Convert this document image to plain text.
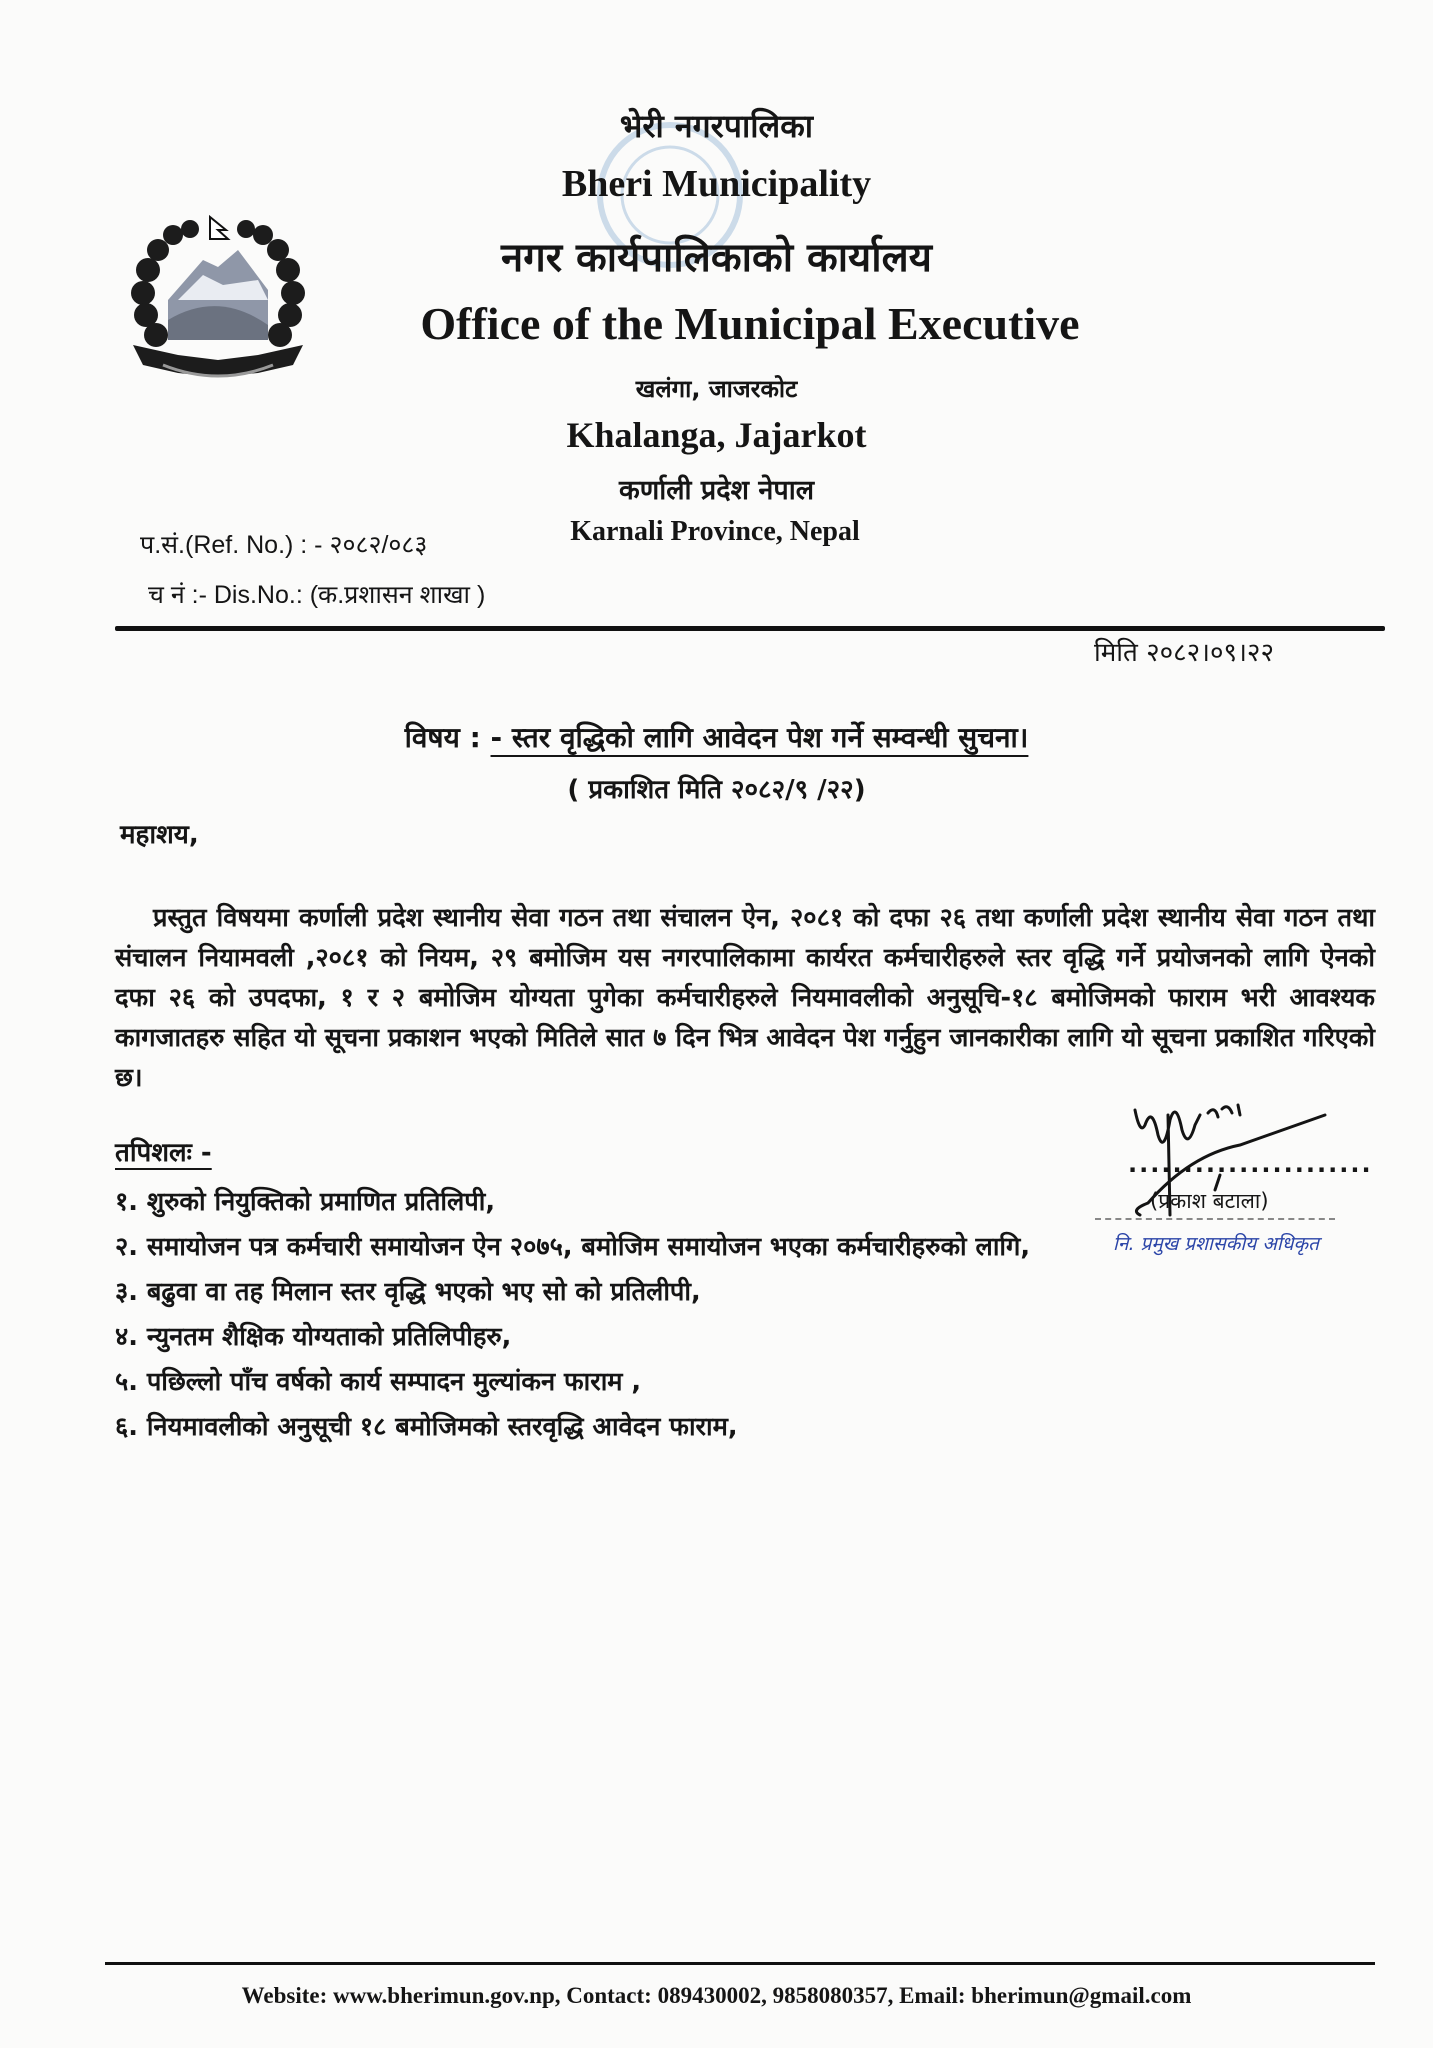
भेरी नगरपालिका
Bheri Municipality
नगर कार्यपालिकाको कार्यालय
Office of the Municipal Executive
खलंगा, जाजरकोट
Khalanga, Jajarkot
कर्णाली प्रदेश नेपाल
Karnali Province, Nepal
प.सं.(Ref. No.) : - २०८२/०८३
च नं :- Dis.No.: (क.प्रशासन शाखा )
मिति २०८२।०९।२२
विषय : - स्तर वृद्धिको लागि आवेदन पेश गर्ने सम्वन्धी सुचना।
( प्रकाशित मिति २०८२/९ /२२)
महाशय,
प्रस्तुत विषयमा कर्णाली प्रदेश स्थानीय सेवा गठन तथा संचालन ऐन, २०८१ को दफा २६ तथा कर्णाली प्रदेश स्थानीय सेवा गठन तथा संचालन नियामवली ,२०८१ को नियम, २९ बमोजिम यस नगरपालिकामा कार्यरत कर्मचारीहरुले स्तर वृद्धि गर्ने प्रयोजनको लागि ऐनको दफा २६ को उपदफा, १ र २ बमोजिम योग्यता पुगेका कर्मचारीहरुले नियमावलीको अनुसूचि-१८ बमोजिमको फाराम भरी आवश्यक कागजातहरु सहित यो सूचना प्रकाशन भएको मितिले सात ७ दिन भित्र आवेदन पेश गर्नुहुन जानकारीका लागि यो सूचना प्रकाशित गरिएको छ।
तपिशलः -
१. शुरुको नियुक्तिको प्रमाणित प्रतिलिपी,
२. समायोजन पत्र कर्मचारी समायोजन ऐन २०७५, बमोजिम समायोजन भएका कर्मचारीहरुको लागि,
३. बढुवा वा तह मिलान स्तर वृद्धि भएको भए सो को प्रतिलीपी,
४. न्युनतम शैक्षिक योग्यताको प्रतिलिपीहरु,
५. पछिल्लो पाँच वर्षको कार्य सम्पादन मुल्यांकन फाराम ,
६. नियमावलीको अनुसूची १८ बमोजिमको स्तरवृद्धि आवेदन फाराम,
......................
(प्रकाश बटाला)
नि. प्रमुख प्रशासकीय अधिकृत
Website: www.bherimun.gov.np, Contact: 089430002, 9858080357, Email: bherimun@gmail.com
